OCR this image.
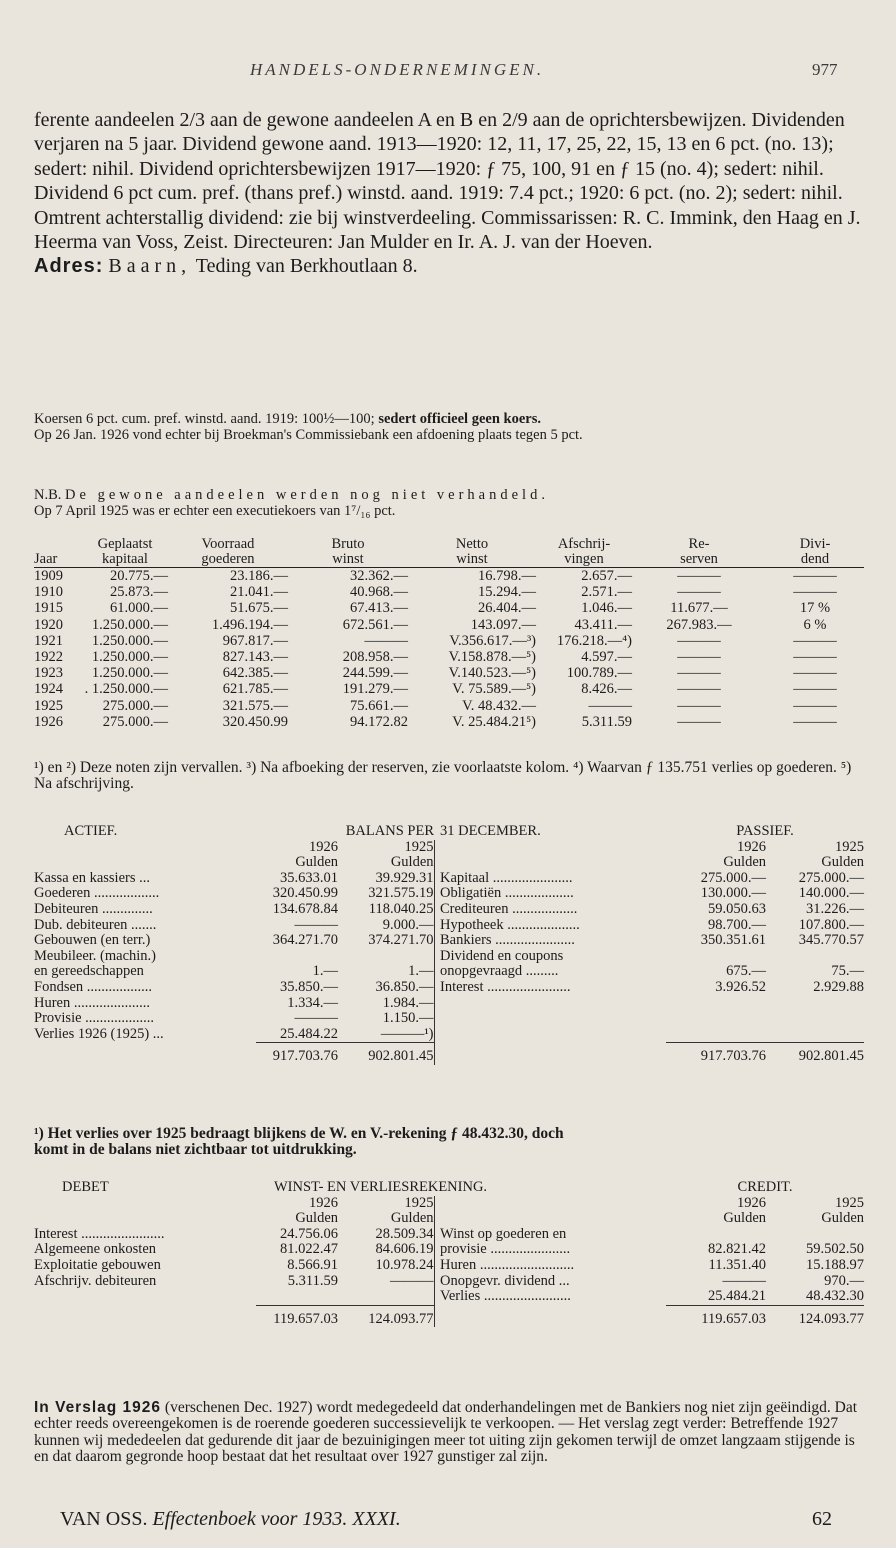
HANDELS-ONDERNEMINGEN.	977

ferente aandeelen 2/3 aan de gewone aandeelen A en B en 2/9 aan de oprichtersbewijzen. Dividenden verjaren na 5 jaar. Dividend gewone aand. 1913—1920: 12, 11, 17, 25, 22, 15, 13 en 6 pct. (no. 13); sedert: nihil. Dividend oprichtersbewijzen 1917—1920: ƒ 75, 100, 91 en ƒ 15 (no. 4); sedert: nihil. Dividend 6 pct cum. pref. (thans pref.) winstd. aand. 1919: 7.4 pct.; 1920: 6 pct. (no. 2); sedert: nihil. Omtrent achterstallig dividend: zie bij winstverdeeling. Commissarissen: R. C. Immink, den Haag en J. Heerma van Voss, Zeist. Directeuren: Jan Mulder en Ir. A. J. van der Hoeven.

Adres: Baarn, Teding van Berkhoutlaan 8.

Koersen 6 pct. cum. pref. winstd. aand. 1919: 100½—100; sedert officieel geen koers.

Op 26 Jan. 1926 vond echter bij Broekman's Commissiebank een afdoening plaats tegen 5 pct.

N.B. De gewone aandeelen werden nog niet verhandeld.

Op 7 April 1925 was er echter een executiekoers van 1⁷/₁₆ pct.

	Geplaatst	Voorraad	Bruto	Netto	Afschrij-	Re-	Divi-
Jaar	kapitaal	goederen	winst	winst	vingen	serven	dend
1909	20.775.—	23.186.—	32.362.—	16.798.—	2.657.—	———	———
1910	25.873.—	21.041.—	40.968.—	15.294.—	2.571.—	———	———
1915	61.000.—	51.675.—	67.413.—	26.404.—	1.046.—	11.677.—	17 %
1920	1.250.000.—	1.496.194.—	672.561.—	143.097.—	43.411.—	267.983.—	6 %
1921	1.250.000.—	967.817.—	———	V.356.617.—³)	176.218.—⁴)	———	———
1922	1.250.000.—	827.143.—	208.958.—	V.158.878.—⁵)	4.597.—	———	———
1923	1.250.000.—	642.385.—	244.599.—	V.140.523.—⁵)	100.789.—	———	———
1924	. 1.250.000.—	621.785.—	191.279.—	V. 75.589.—⁵)	8.426.—	———	———
1925	275.000.—	321.575.—	75.661.—	V. 48.432.—	———	———	———
1926	275.000.—	320.450.99	94.172.82	V. 25.484.21⁵)	5.311.59	———	———
¹) en ²) Deze noten zijn vervallen. ³) Na afboeking der reserven, zie voorlaatste kolom. ⁴) Waarvan ƒ 135.751 verlies op goederen. ⁵) Na afschrijving.
ACTIEF.	BALANS PER			31 DECEMBER.	PASSIEF.	
	1926	1925			1926	1925
	Gulden	Gulden			Gulden	Gulden
Kassa en kassiers ...	35.633.01	39.929.31		Kapitaal ......................	275.000.—	275.000.—
Goederen ..................	320.450.99	321.575.19		Obligatiën ...................	130.000.—	140.000.—
Debiteuren ..............	134.678.84	118.040.25		Crediteuren ..................	59.050.63	31.226.—
Dub. debiteuren .......	———	9.000.—		Hypotheek ....................	98.700.—	107.800.—
Gebouwen (en terr.)	364.271.70	374.271.70		Bankiers ......................	350.351.61	345.770.57
Meubileer. (machin.)				Dividend en coupons		
en gereedschappen	1.—	1.—		onopgevraagd .........	675.—	75.—
Fondsen ..................	35.850.—	36.850.—		Interest .......................	3.926.52	2.929.88
Huren .....................	1.334.—	1.984.—				
Provisie ...................	———	1.150.—				
Verlies 1926 (1925) ...	25.484.22	———¹)				

	917.703.76	902.801.45			917.703.76	902.801.45

¹) Het verlies over 1925 bedraagt blijkens de W. en V.-rekening ƒ 48.432.30, doch

komt in de balans niet zichtbaar tot uitdrukking.

DEBET	WINST- EN VERLIESREKENING.				CREDIT.	
	1926	1925			1926	1925
	Gulden	Gulden			Gulden	Gulden
Interest .......................	24.756.06	28.509.34		Winst op goederen en		
Algemeene onkosten	81.022.47	84.606.19		provisie ......................	82.821.42	59.502.50
Exploitatie gebouwen	8.566.91	10.978.24		Huren ..........................	11.351.40	15.188.97
Afschrijv. debiteuren	5.311.59	———		Onopgevr. dividend ...	———	970.—
				Verlies ........................	25.484.21	48.432.30

	119.657.03	124.093.77			119.657.03	124.093.77

In Verslag 1926 (verschenen Dec. 1927) wordt medegedeeld dat onderhandelingen met de Bankiers nog niet zijn geëindigd. Dat echter reeds overeengekomen is de roerende goederen successievelijk te verkoopen. — Het verslag zegt verder: Betreffende 1927 kunnen wij mededeelen dat gedurende dit jaar de bezuinigingen meer tot uiting zijn gekomen terwijl de omzet langzaam stijgende is en dat daarom gegronde hoop bestaat dat het resultaat over 1927 gunstiger zal zijn.

VAN OSS. Effectenboek voor 1933. XXXI.	62
